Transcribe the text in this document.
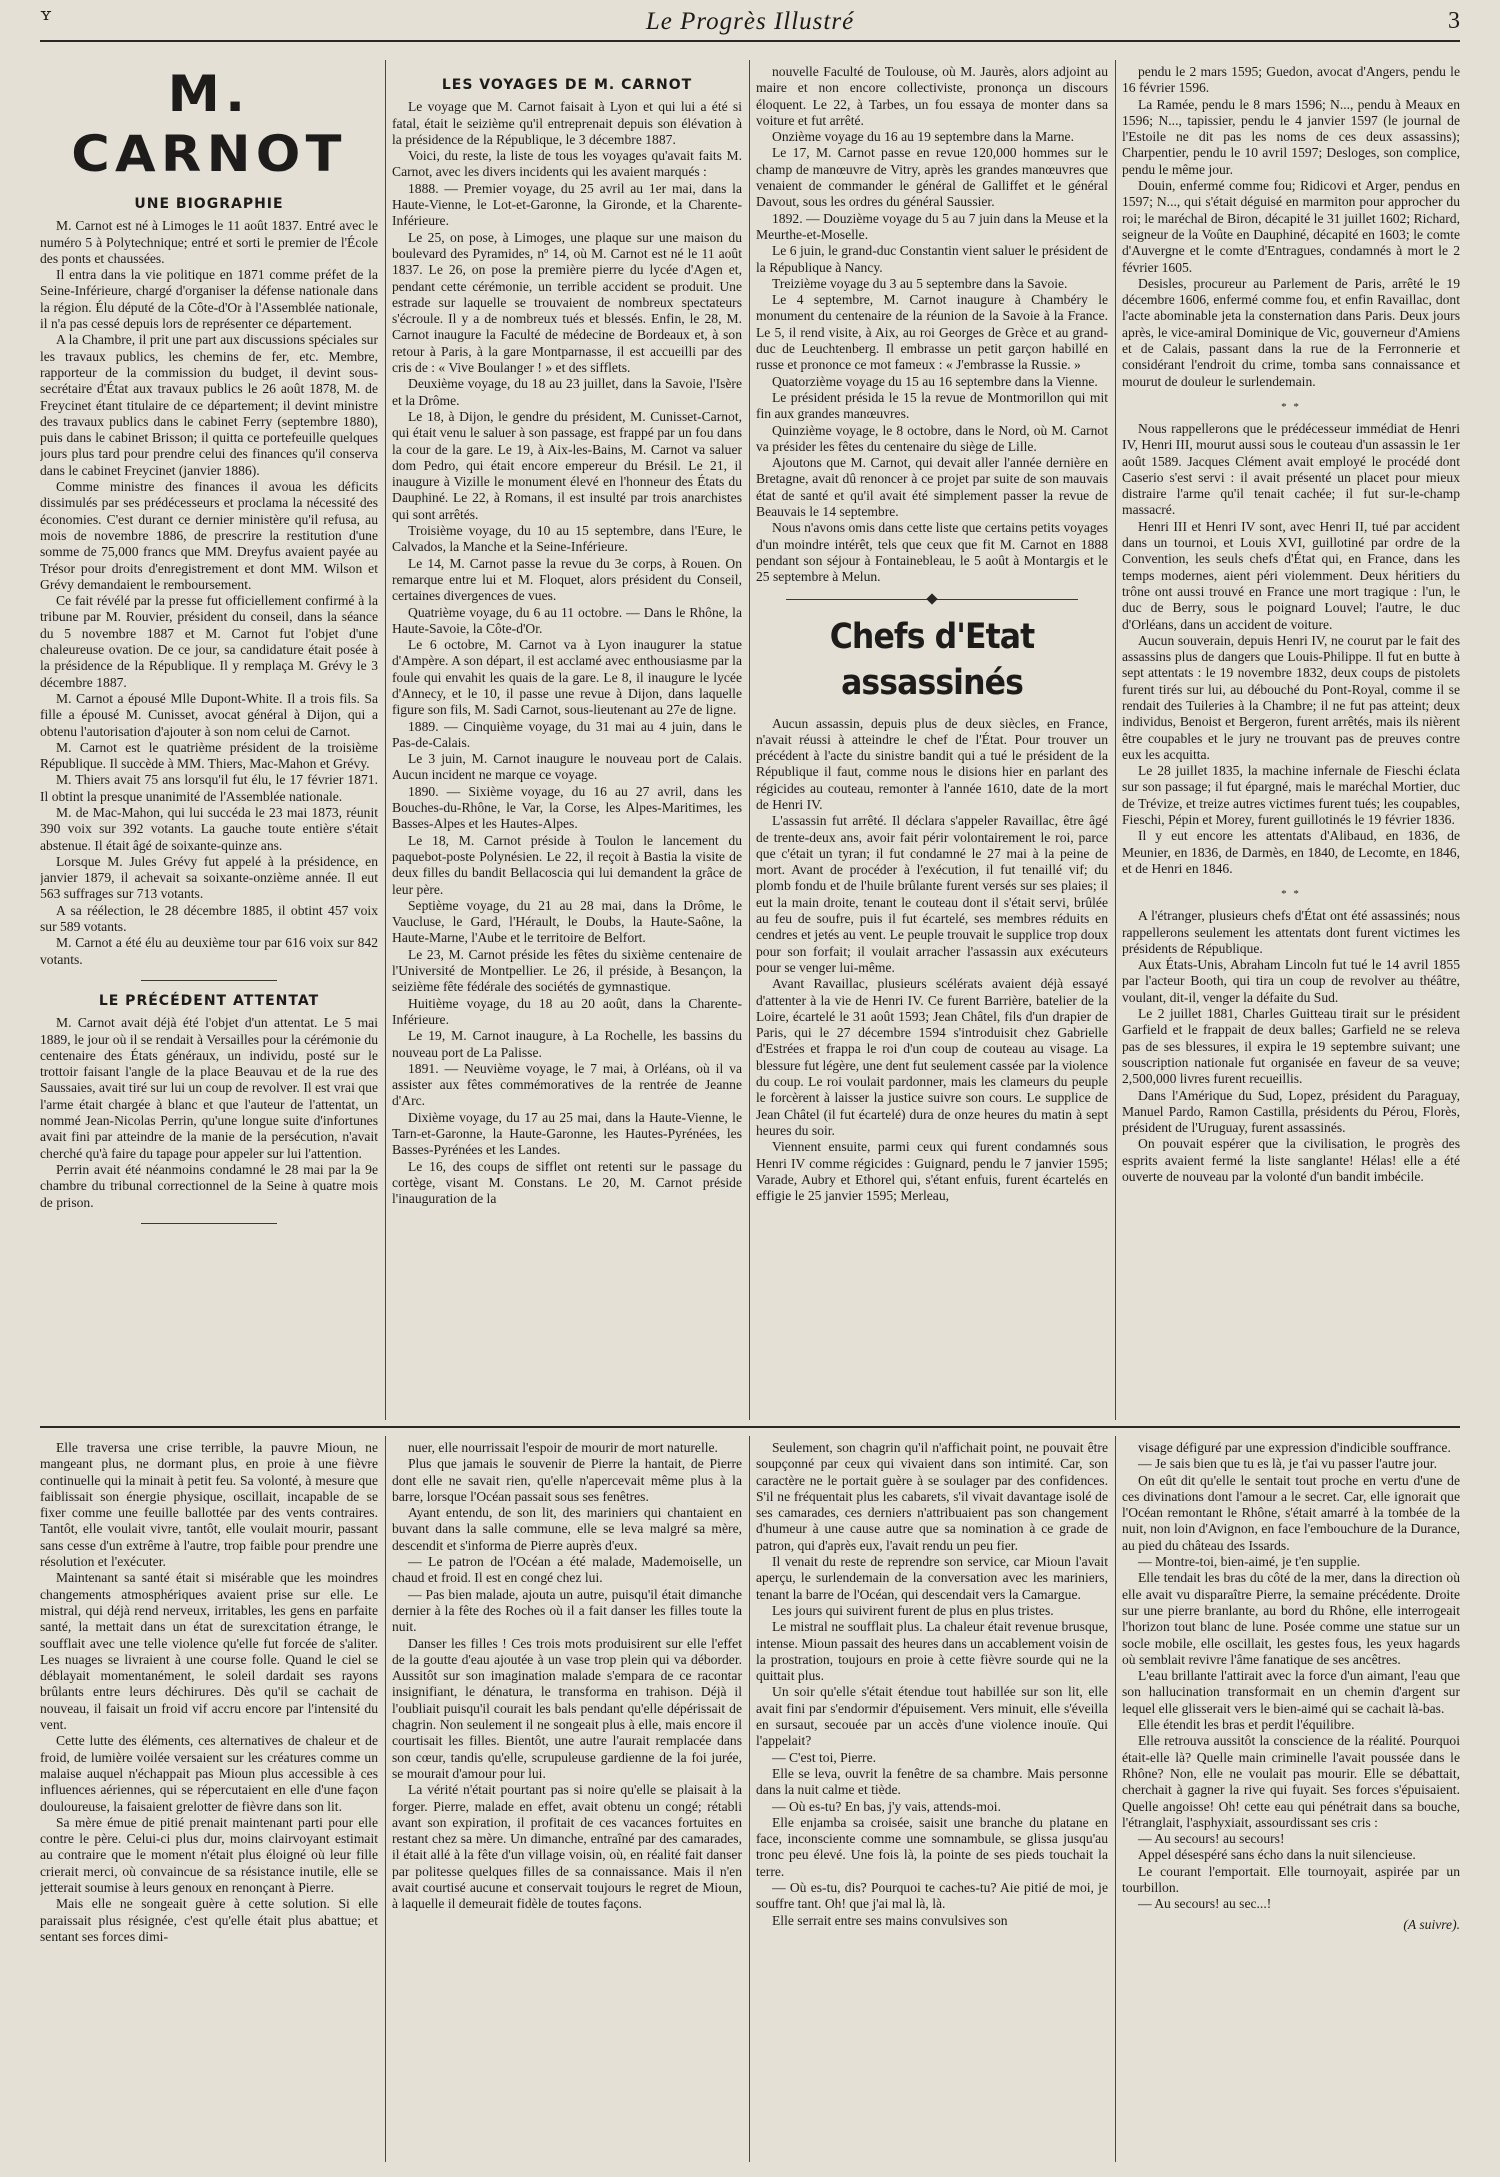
ʏ	Le Progrès Illustré	3
M. CARNOT
UNE BIOGRAPHIE

M. Carnot est né à Limoges le 11 août 1837. Entré avec le numéro 5 à Polytechnique; entré et sorti le premier de l'École des ponts et chaussées.

Il entra dans la vie politique en 1871 comme préfet de la Seine-Inférieure, chargé d'organiser la défense nationale dans la région. Élu député de la Côte-d'Or à l'Assemblée nationale, il n'a pas cessé depuis lors de représenter ce département.

A la Chambre, il prit une part aux discussions spéciales sur les travaux publics, les chemins de fer, etc. Membre, rapporteur de la commission du budget, il devint sous-secrétaire d'État aux travaux publics le 26 août 1878, M. de Freycinet étant titulaire de ce département; il devint ministre des travaux publics dans le cabinet Ferry (septembre 1880), puis dans le cabinet Brisson; il quitta ce portefeuille quelques jours plus tard pour prendre celui des finances qu'il conserva dans le cabinet Freycinet (janvier 1886).

Comme ministre des finances il avoua les déficits dissimulés par ses prédécesseurs et proclama la nécessité des économies. C'est durant ce dernier ministère qu'il refusa, au mois de novembre 1886, de prescrire la restitution d'une somme de 75,000 francs que MM. Dreyfus avaient payée au Trésor pour droits d'enregistrement et dont MM. Wilson et Grévy demandaient le remboursement.

Ce fait révélé par la presse fut officiellement confirmé à la tribune par M. Rouvier, président du conseil, dans la séance du 5 novembre 1887 et M. Carnot fut l'objet d'une chaleureuse ovation. De ce jour, sa candidature était posée à la présidence de la République. Il y remplaça M. Grévy le 3 décembre 1887.

M. Carnot a épousé Mlle Dupont-White. Il a trois fils. Sa fille a épousé M. Cunisset, avocat général à Dijon, qui a obtenu l'autorisation d'ajouter à son nom celui de Carnot.

M. Carnot est le quatrième président de la troisième République. Il succède à MM. Thiers, Mac-Mahon et Grévy.

M. Thiers avait 75 ans lorsqu'il fut élu, le 17 février 1871. Il obtint la presque unanimité de l'Assemblée nationale.

M. de Mac-Mahon, qui lui succéda le 23 mai 1873, réunit 390 voix sur 392 votants. La gauche toute entière s'était abstenue. Il était âgé de soixante-quinze ans.

Lorsque M. Jules Grévy fut appelé à la présidence, en janvier 1879, il achevait sa soixante-onzième année. Il eut 563 suffrages sur 713 votants.

A sa réélection, le 28 décembre 1885, il obtint 457 voix sur 589 votants.

M. Carnot a été élu au deuxième tour par 616 voix sur 842 votants.

LE PRÉCÉDENT ATTENTAT

M. Carnot avait déjà été l'objet d'un attentat. Le 5 mai 1889, le jour où il se rendait à Versailles pour la cérémonie du centenaire des États généraux, un individu, posté sur le trottoir faisant l'angle de la place Beauvau et de la rue des Saussaies, avait tiré sur lui un coup de revolver. Il est vrai que l'arme était chargée à blanc et que l'auteur de l'attentat, un nommé Jean-Nicolas Perrin, qu'une longue suite d'infortunes avait fini par atteindre de la manie de la persécution, n'avait cherché qu'à faire du tapage pour appeler sur lui l'attention.

Perrin avait été néanmoins condamné le 28 mai par la 9e chambre du tribunal correctionnel de la Seine à quatre mois de prison.

LES VOYAGES DE M. CARNOT

Le voyage que M. Carnot faisait à Lyon et qui lui a été si fatal, était le seizième qu'il entreprenait depuis son élévation à la présidence de la République, le 3 décembre 1887.

Voici, du reste, la liste de tous les voyages qu'avait faits M. Carnot, avec les divers incidents qui les avaient marqués :

1888. — Premier voyage, du 25 avril au 1er mai, dans la Haute-Vienne, le Lot-et-Garonne, la Gironde, et la Charente-Inférieure.

Le 25, on pose, à Limoges, une plaque sur une maison du boulevard des Pyramides, nº 14, où M. Carnot est né le 11 août 1837. Le 26, on pose la première pierre du lycée d'Agen et, pendant cette cérémonie, un terrible accident se produit. Une estrade sur laquelle se trouvaient de nombreux spectateurs s'écroule. Il y a de nombreux tués et blessés. Enfin, le 28, M. Carnot inaugure la Faculté de médecine de Bordeaux et, à son retour à Paris, à la gare Montparnasse, il est accueilli par des cris de : « Vive Boulanger ! » et des sifflets.

Deuxième voyage, du 18 au 23 juillet, dans la Savoie, l'Isère et la Drôme.

Le 18, à Dijon, le gendre du président, M. Cunisset-Carnot, qui était venu le saluer à son passage, est frappé par un fou dans la cour de la gare. Le 19, à Aix-les-Bains, M. Carnot va saluer dom Pedro, qui était encore empereur du Brésil. Le 21, il inaugure à Vizille le monument élevé en l'honneur des États du Dauphiné. Le 22, à Romans, il est insulté par trois anarchistes qui sont arrêtés.

Troisième voyage, du 10 au 15 septembre, dans l'Eure, le Calvados, la Manche et la Seine-Inférieure.

Le 14, M. Carnot passe la revue du 3e corps, à Rouen. On remarque entre lui et M. Floquet, alors président du Conseil, certaines divergences de vues.

Quatrième voyage, du 6 au 11 octobre. — Dans le Rhône, la Haute-Savoie, la Côte-d'Or.

Le 6 octobre, M. Carnot va à Lyon inaugurer la statue d'Ampère. A son départ, il est acclamé avec enthousiasme par la foule qui envahit les quais de la gare. Le 8, il inaugure le lycée d'Annecy, et le 10, il passe une revue à Dijon, dans laquelle figure son fils, M. Sadi Carnot, sous-lieutenant au 27e de ligne.

1889. — Cinquième voyage, du 31 mai au 4 juin, dans le Pas-de-Calais.

Le 3 juin, M. Carnot inaugure le nouveau port de Calais. Aucun incident ne marque ce voyage.

1890. — Sixième voyage, du 16 au 27 avril, dans les Bouches-du-Rhône, le Var, la Corse, les Alpes-Maritimes, les Basses-Alpes et les Hautes-Alpes.

Le 18, M. Carnot préside à Toulon le lancement du paquebot-poste Polynésien. Le 22, il reçoit à Bastia la visite de deux filles du bandit Bellacoscia qui lui demandent la grâce de leur père.

Septième voyage, du 21 au 28 mai, dans la Drôme, le Vaucluse, le Gard, l'Hérault, le Doubs, la Haute-Saône, la Haute-Marne, l'Aube et le territoire de Belfort.

Le 23, M. Carnot préside les fêtes du sixième centenaire de l'Université de Montpellier. Le 26, il préside, à Besançon, la seizième fête fédérale des sociétés de gymnastique.

Huitième voyage, du 18 au 20 août, dans la Charente-Inférieure.

Le 19, M. Carnot inaugure, à La Rochelle, les bassins du nouveau port de La Palisse.

1891. — Neuvième voyage, le 7 mai, à Orléans, où il va assister aux fêtes commémoratives de la rentrée de Jeanne d'Arc.

Dixième voyage, du 17 au 25 mai, dans la Haute-Vienne, le Tarn-et-Garonne, la Haute-Garonne, les Hautes-Pyrénées, les Basses-Pyrénées et les Landes.

Le 16, des coups de sifflet ont retenti sur le passage du cortège, visant M. Constans. Le 20, M. Carnot préside l'inauguration de la

nouvelle Faculté de Toulouse, où M. Jaurès, alors adjoint au maire et non encore collectiviste, prononça un discours éloquent. Le 22, à Tarbes, un fou essaya de monter dans sa voiture et fut arrêté.

Onzième voyage du 16 au 19 septembre dans la Marne.

Le 17, M. Carnot passe en revue 120,000 hommes sur le champ de manœuvre de Vitry, après les grandes manœuvres que venaient de commander le général de Galliffet et le général Davout, sous les ordres du général Saussier.

1892. — Douzième voyage du 5 au 7 juin dans la Meuse et la Meurthe-et-Moselle.

Le 6 juin, le grand-duc Constantin vient saluer le président de la République à Nancy.

Treizième voyage du 3 au 5 septembre dans la Savoie.

Le 4 septembre, M. Carnot inaugure à Chambéry le monument du centenaire de la réunion de la Savoie à la France. Le 5, il rend visite, à Aix, au roi Georges de Grèce et au grand-duc de Leuchtenberg. Il embrasse un petit garçon habillé en russe et prononce ce mot fameux : « J'embrasse la Russie. »

Quatorzième voyage du 15 au 16 septembre dans la Vienne.

Le président présida le 15 la revue de Montmorillon qui mit fin aux grandes manœuvres.

Quinzième voyage, le 8 octobre, dans le Nord, où M. Carnot va présider les fêtes du centenaire du siège de Lille.

Ajoutons que M. Carnot, qui devait aller l'année dernière en Bretagne, avait dû renoncer à ce projet par suite de son mauvais état de santé et qu'il avait été simplement passer la revue de Beauvais le 14 septembre.

Nous n'avons omis dans cette liste que certains petits voyages d'un moindre intérêt, tels que ceux que fit M. Carnot en 1888 pendant son séjour à Fontainebleau, le 5 août à Montargis et le 25 septembre à Melun.

Chefs d'Etat assassinés

Aucun assassin, depuis plus de deux siècles, en France, n'avait réussi à atteindre le chef de l'État. Pour trouver un précédent à l'acte du sinistre bandit qui a tué le président de la République il faut, comme nous le disions hier en parlant des régicides au couteau, remonter à l'année 1610, date de la mort de Henri IV.

L'assassin fut arrêté. Il déclara s'appeler Ravaillac, être âgé de trente-deux ans, avoir fait périr volontairement le roi, parce que c'était un tyran; il fut condamné le 27 mai à la peine de mort. Avant de procéder à l'exécution, il fut tenaillé vif; du plomb fondu et de l'huile brûlante furent versés sur ses plaies; il eut la main droite, tenant le couteau dont il s'était servi, brûlée au feu de soufre, puis il fut écartelé, ses membres réduits en cendres et jetés au vent. Le peuple trouvait le supplice trop doux pour son forfait; il voulait arracher l'assassin aux exécuteurs pour se venger lui-même.

Avant Ravaillac, plusieurs scélérats avaient déjà essayé d'attenter à la vie de Henri IV. Ce furent Barrière, batelier de la Loire, écartelé le 31 août 1593; Jean Châtel, fils d'un drapier de Paris, qui le 27 décembre 1594 s'introduisit chez Gabrielle d'Estrées et frappa le roi d'un coup de couteau au visage. La blessure fut légère, une dent fut seulement cassée par la violence du coup. Le roi voulait pardonner, mais les clameurs du peuple le forcèrent à laisser la justice suivre son cours. Le supplice de Jean Châtel (il fut écartelé) dura de onze heures du matin à sept heures du soir.

Viennent ensuite, parmi ceux qui furent condamnés sous Henri IV comme régicides : Guignard, pendu le 7 janvier 1595; Varade, Aubry et Ethorel qui, s'étant enfuis, furent écartelés en effigie le 25 janvier 1595; Merleau,

pendu le 2 mars 1595; Guedon, avocat d'Angers, pendu le 16 février 1596.

La Ramée, pendu le 8 mars 1596; N..., pendu à Meaux en 1596; N..., tapissier, pendu le 4 janvier 1597 (le journal de l'Estoile ne dit pas les noms de ces deux assassins); Charpentier, pendu le 10 avril 1597; Desloges, son complice, pendu le même jour.

Douin, enfermé comme fou; Ridicovi et Arger, pendus en 1597; N..., qui s'était déguisé en marmiton pour approcher du roi; le maréchal de Biron, décapité le 31 juillet 1602; Richard, seigneur de la Voûte en Dauphiné, décapité en 1603; le comte d'Auvergne et le comte d'Entragues, condamnés à mort le 2 février 1605.

Desisles, procureur au Parlement de Paris, arrêté le 19 décembre 1606, enfermé comme fou, et enfin Ravaillac, dont l'acte abominable jeta la consternation dans Paris. Deux jours après, le vice-amiral Dominique de Vic, gouverneur d'Amiens et de Calais, passant dans la rue de la Ferronnerie et considérant l'endroit du crime, tomba sans connaissance et mourut de douleur le surlendemain.

* *

Nous rappellerons que le prédécesseur immédiat de Henri IV, Henri III, mourut aussi sous le couteau d'un assassin le 1er août 1589. Jacques Clément avait employé le procédé dont Caserio s'est servi : il avait présenté un placet pour mieux distraire l'arme qu'il tenait cachée; il fut sur-le-champ massacré.

Henri III et Henri IV sont, avec Henri II, tué par accident dans un tournoi, et Louis XVI, guillotiné par ordre de la Convention, les seuls chefs d'État qui, en France, dans les temps modernes, aient péri violemment. Deux héritiers du trône ont aussi trouvé en France une mort tragique : l'un, le duc de Berry, sous le poignard Louvel; l'autre, le duc d'Orléans, dans un accident de voiture.

Aucun souverain, depuis Henri IV, ne courut par le fait des assassins plus de dangers que Louis-Philippe. Il fut en butte à sept attentats : le 19 novembre 1832, deux coups de pistolets furent tirés sur lui, au débouché du Pont-Royal, comme il se rendait des Tuileries à la Chambre; il ne fut pas atteint; deux individus, Benoist et Bergeron, furent arrêtés, mais ils nièrent être coupables et le jury ne trouvant pas de preuves contre eux les acquitta.

Le 28 juillet 1835, la machine infernale de Fieschi éclata sur son passage; il fut épargné, mais le maréchal Mortier, duc de Trévize, et treize autres victimes furent tués; les coupables, Fieschi, Pépin et Morey, furent guillotinés le 19 février 1836.

Il y eut encore les attentats d'Alibaud, en 1836, de Meunier, en 1836, de Darmès, en 1840, de Lecomte, en 1846, et de Henri en 1846.

* *

A l'étranger, plusieurs chefs d'État ont été assassinés; nous rappellerons seulement les attentats dont furent victimes les présidents de République.

Aux États-Unis, Abraham Lincoln fut tué le 14 avril 1855 par l'acteur Booth, qui tira un coup de revolver au théâtre, voulant, dit-il, venger la défaite du Sud.

Le 2 juillet 1881, Charles Guitteau tirait sur le président Garfield et le frappait de deux balles; Garfield ne se releva pas de ses blessures, il expira le 19 septembre suivant; une souscription nationale fut organisée en faveur de sa veuve; 2,500,000 livres furent recueillis.

Dans l'Amérique du Sud, Lopez, président du Paraguay, Manuel Pardo, Ramon Castilla, présidents du Pérou, Florès, président de l'Uruguay, furent assassinés.

On pouvait espérer que la civilisation, le progrès des esprits avaient fermé la liste sanglante! Hélas! elle a été ouverte de nouveau par la volonté d'un bandit imbécile.

Elle traversa une crise terrible, la pauvre Mioun, ne mangeant plus, ne dormant plus, en proie à une fièvre continuelle qui la minait à petit feu. Sa volonté, à mesure que faiblissait son énergie physique, oscillait, incapable de se fixer comme une feuille ballottée par des vents contraires. Tantôt, elle voulait vivre, tantôt, elle voulait mourir, passant sans cesse d'un extrême à l'autre, trop faible pour prendre une résolution et l'exécuter.

Maintenant sa santé était si misérable que les moindres changements atmosphériques avaient prise sur elle. Le mistral, qui déjà rend nerveux, irritables, les gens en parfaite santé, la mettait dans un état de surexcitation étrange, le soufflait avec une telle violence qu'elle fut forcée de s'aliter. Les nuages se livraient à une course folle. Quand le ciel se déblayait momentanément, le soleil dardait ses rayons brûlants entre leurs déchirures. Dès qu'il se cachait de nouveau, il faisait un froid vif accru encore par l'intensité du vent.

Cette lutte des éléments, ces alternatives de chaleur et de froid, de lumière voilée versaient sur les créatures comme un malaise auquel n'échappait pas Mioun plus accessible à ces influences aériennes, qui se répercutaient en elle d'une façon douloureuse, la faisaient grelotter de fièvre dans son lit.

Sa mère émue de pitié prenait maintenant parti pour elle contre le père. Celui-ci plus dur, moins clairvoyant estimait au contraire que le moment n'était plus éloigné où leur fille crierait merci, où convaincue de sa résistance inutile, elle se jetterait soumise à leurs genoux en renonçant à Pierre.

Mais elle ne songeait guère à cette solution. Si elle paraissait plus résignée, c'est qu'elle était plus abattue; et sentant ses forces dimi-

nuer, elle nourrissait l'espoir de mourir de mort naturelle.

Plus que jamais le souvenir de Pierre la hantait, de Pierre dont elle ne savait rien, qu'elle n'apercevait même plus à la barre, lorsque l'Océan passait sous ses fenêtres.

Ayant entendu, de son lit, des mariniers qui chantaient en buvant dans la salle commune, elle se leva malgré sa mère, descendit et s'informa de Pierre auprès d'eux.

— Le patron de l'Océan a été malade, Mademoiselle, un chaud et froid. Il est en congé chez lui.

— Pas bien malade, ajouta un autre, puisqu'il était dimanche dernier à la fête des Roches où il a fait danser les filles toute la nuit.

Danser les filles ! Ces trois mots produisirent sur elle l'effet de la goutte d'eau ajoutée à un vase trop plein qui va déborder. Aussitôt sur son imagination malade s'empara de ce racontar insignifiant, le dénatura, le transforma en trahison. Déjà il l'oubliait puisqu'il courait les bals pendant qu'elle dépérissait de chagrin. Non seulement il ne songeait plus à elle, mais encore il courtisait les filles. Bientôt, une autre l'aurait remplacée dans son cœur, tandis qu'elle, scrupuleuse gardienne de la foi jurée, se mourait d'amour pour lui.

La vérité n'était pourtant pas si noire qu'elle se plaisait à la forger. Pierre, malade en effet, avait obtenu un congé; rétabli avant son expiration, il profitait de ces vacances fortuites en restant chez sa mère. Un dimanche, entraîné par des camarades, il était allé à la fête d'un village voisin, où, en réalité fait danser par politesse quelques filles de sa connaissance. Mais il n'en avait courtisé aucune et conservait toujours le regret de Mioun, à laquelle il demeurait fidèle de toutes façons.

Seulement, son chagrin qu'il n'affichait point, ne pouvait être soupçonné par ceux qui vivaient dans son intimité. Car, son caractère ne le portait guère à se soulager par des confidences. S'il ne fréquentait plus les cabarets, s'il vivait davantage isolé de ses camarades, ces derniers n'attribuaient pas son changement d'humeur à une cause autre que sa nomination à ce grade de patron, qui d'après eux, l'avait rendu un peu fier.

Il venait du reste de reprendre son service, car Mioun l'avait aperçu, le surlendemain de la conversation avec les mariniers, tenant la barre de l'Océan, qui descendait vers la Camargue.

Les jours qui suivirent furent de plus en plus tristes.

Le mistral ne soufflait plus. La chaleur était revenue brusque, intense. Mioun passait des heures dans un accablement voisin de la prostration, toujours en proie à cette fièvre sourde qui ne la quittait plus.

Un soir qu'elle s'était étendue tout habillée sur son lit, elle avait fini par s'endormir d'épuisement. Vers minuit, elle s'éveilla en sursaut, secouée par un accès d'une violence inouïe. Qui l'appelait?

— C'est toi, Pierre.

Elle se leva, ouvrit la fenêtre de sa chambre. Mais personne dans la nuit calme et tiède.

— Où es-tu? En bas, j'y vais, attends-moi.

Elle enjamba sa croisée, saisit une branche du platane en face, inconsciente comme une somnambule, se glissa jusqu'au tronc peu élevé. Une fois là, la pointe de ses pieds touchait la terre.

— Où es-tu, dis? Pourquoi te caches-tu? Aie pitié de moi, je souffre tant. Oh! que j'ai mal là, là.

Elle serrait entre ses mains convulsives son

visage défiguré par une expression d'indicible souffrance.

— Je sais bien que tu es là, je t'ai vu passer l'autre jour.

On eût dit qu'elle le sentait tout proche en vertu d'une de ces divinations dont l'amour a le secret. Car, elle ignorait que l'Océan remontant le Rhône, s'était amarré à la tombée de la nuit, non loin d'Avignon, en face l'embouchure de la Durance, au pied du château des Issards.

— Montre-toi, bien-aimé, je t'en supplie.

Elle tendait les bras du côté de la mer, dans la direction où elle avait vu disparaître Pierre, la semaine précédente. Droite sur une pierre branlante, au bord du Rhône, elle interrogeait l'horizon tout blanc de lune. Posée comme une statue sur un socle mobile, elle oscillait, les gestes fous, les yeux hagards où semblait revivre l'âme fanatique de ses ancêtres.

L'eau brillante l'attirait avec la force d'un aimant, l'eau que son hallucination transformait en un chemin d'argent sur lequel elle glisserait vers le bien-aimé qui se cachait là-bas.

Elle étendit les bras et perdit l'équilibre.

Elle retrouva aussitôt la conscience de la réalité. Pourquoi était-elle là? Quelle main criminelle l'avait poussée dans le Rhône? Non, elle ne voulait pas mourir. Elle se débattait, cherchait à gagner la rive qui fuyait. Ses forces s'épuisaient. Quelle angoisse! Oh! cette eau qui pénétrait dans sa bouche, l'étranglait, l'asphyxiait, assourdissant ses cris :

— Au secours! au secours!

Appel désespéré sans écho dans la nuit silencieuse.

Le courant l'emportait. Elle tournoyait, aspirée par un tourbillon.

— Au secours! au sec...!

(A suivre).
